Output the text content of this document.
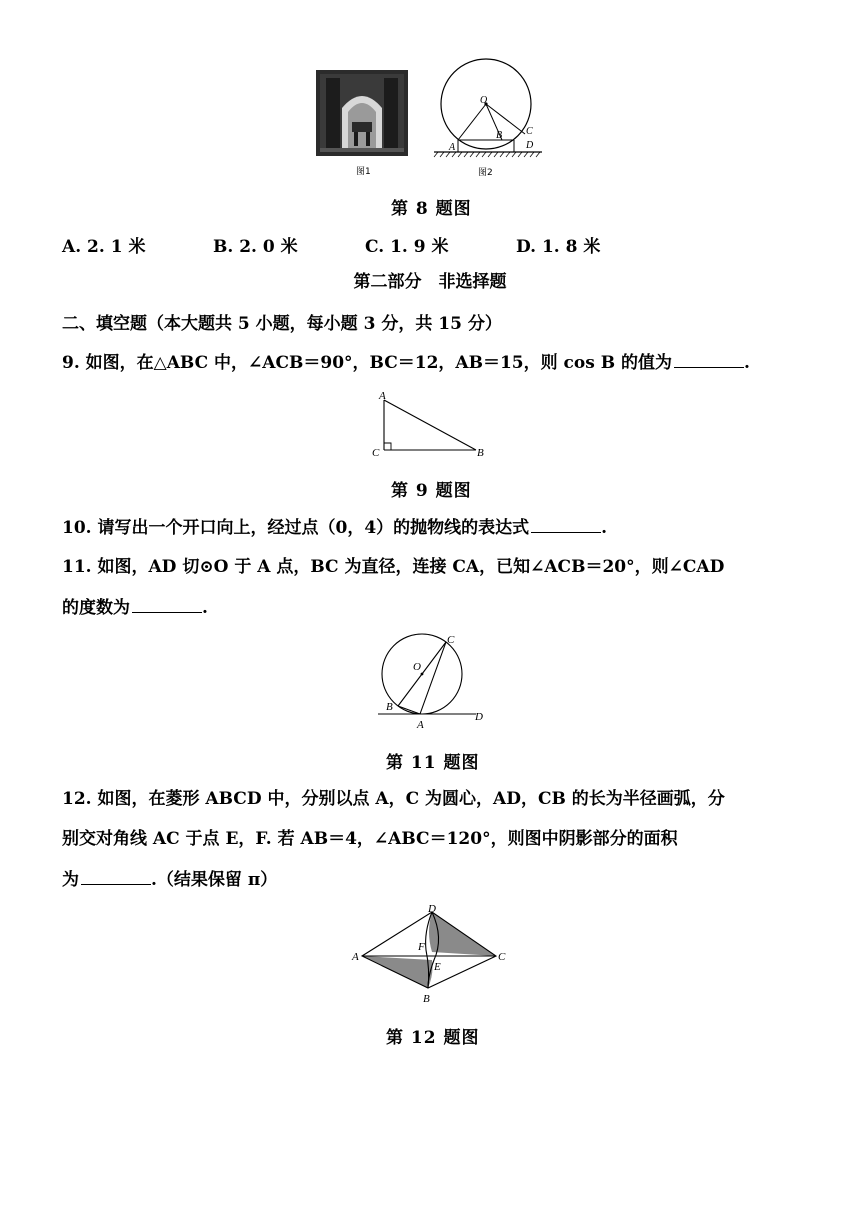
图1
O
A
B C
D
图2
第 8 题图
A. 2. 1 米	B. 2. 0 米	C. 1. 9 米	D. 1. 8 米
第二部分　非选择题
二、填空题（本大题共 5 小题，每小题 3 分，共 15 分）
9. 如图，在△ABC 中，∠ACB＝90°，BC＝12，AB＝15，则 cos B 的值为	.
A
C	B
第 9 题图
10. 请写出一个开口向上，经过点（0，4）的抛物线的表达式	.
11. 如图，AD 切⊙O 于 A 点，BC 为直径，连接 CA，已知∠ACB＝20°，则∠CAD
的度数为	.
O
C
B
A
D
第 11 题图
12. 如图，在菱形 ABCD 中，分别以点 A，C 为圆心，AD，CB 的长为半径画弧，分
别交对角线 AC 于点 E，F. 若 AB＝4，∠ABC＝120°，则图中阴影部分的面积
为	.（结果保留 π）
D
A	C
B
F
E
第 12 题图
